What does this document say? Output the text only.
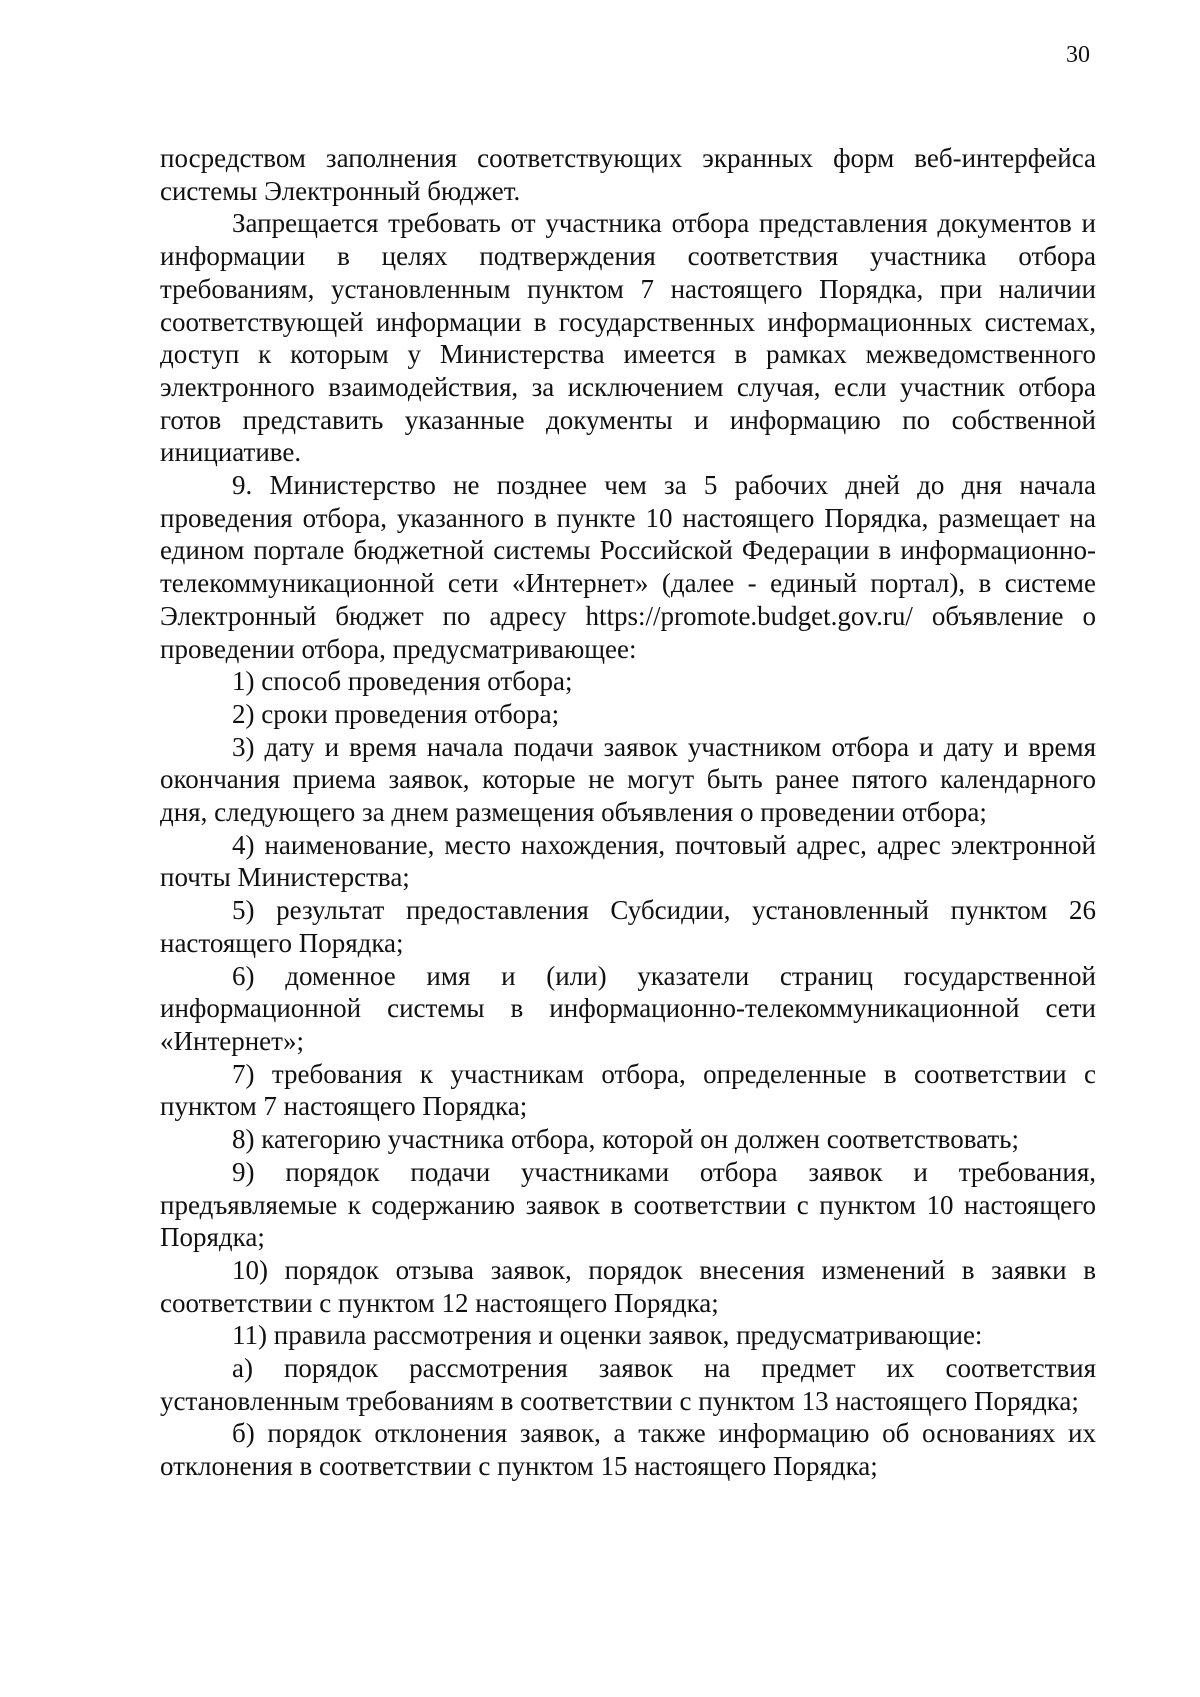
30

посредством заполнения соответствующих экранных форм веб-интерфейса системы Электронный бюджет.

Запрещается требовать от участника отбора представления документов и информации в целях подтверждения соответствия участника отбора требованиям, установленным пунктом 7 настоящего Порядка, при наличии соответствующей информации в государственных информационных системах, доступ к которым у Министерства имеется в рамках межведомственного электронного взаимодействия, за исключением случая, если участник отбора готов представить указанные документы и информацию по собственной инициативе.

9. Министерство не позднее чем за 5 рабочих дней до дня начала проведения отбора, указанного в пункте 10 настоящего Порядка, размещает на едином портале бюджетной системы Российской Федерации в информационно-телекоммуникационной сети «Интернет» (далее - единый портал), в системе Электронный бюджет по адресу https://promote.budget.gov.ru/ объявление о проведении отбора, предусматривающее:

1) способ проведения отбора;

2) сроки проведения отбора;

3) дату и время начала подачи заявок участником отбора и дату и время окончания приема заявок, которые не могут быть ранее пятого календарного дня, следующего за днем размещения объявления о проведении отбора;

4) наименование, место нахождения, почтовый адрес, адрес электронной почты Министерства;

5) результат предоставления Субсидии, установленный пунктом 26 настоящего Порядка;

6) доменное имя и (или) указатели страниц государственной информационной системы в информационно-телекоммуникационной сети «Интернет»;

7) требования к участникам отбора, определенные в соответствии с пунктом 7 настоящего Порядка;

8) категорию участника отбора, которой он должен соответствовать;

9) порядок подачи участниками отбора заявок и требования, предъявляемые к содержанию заявок в соответствии с пунктом 10 настоящего Порядка;

10) порядок отзыва заявок, порядок внесения изменений в заявки в соответствии с пунктом 12 настоящего Порядка;

11) правила рассмотрения и оценки заявок, предусматривающие:

а) порядок рассмотрения заявок на предмет их соответствия установленным требованиям в соответствии с пунктом 13 настоящего Порядка;

б) порядок отклонения заявок, а также информацию об основаниях их отклонения в соответствии с пунктом 15 настоящего Порядка;
